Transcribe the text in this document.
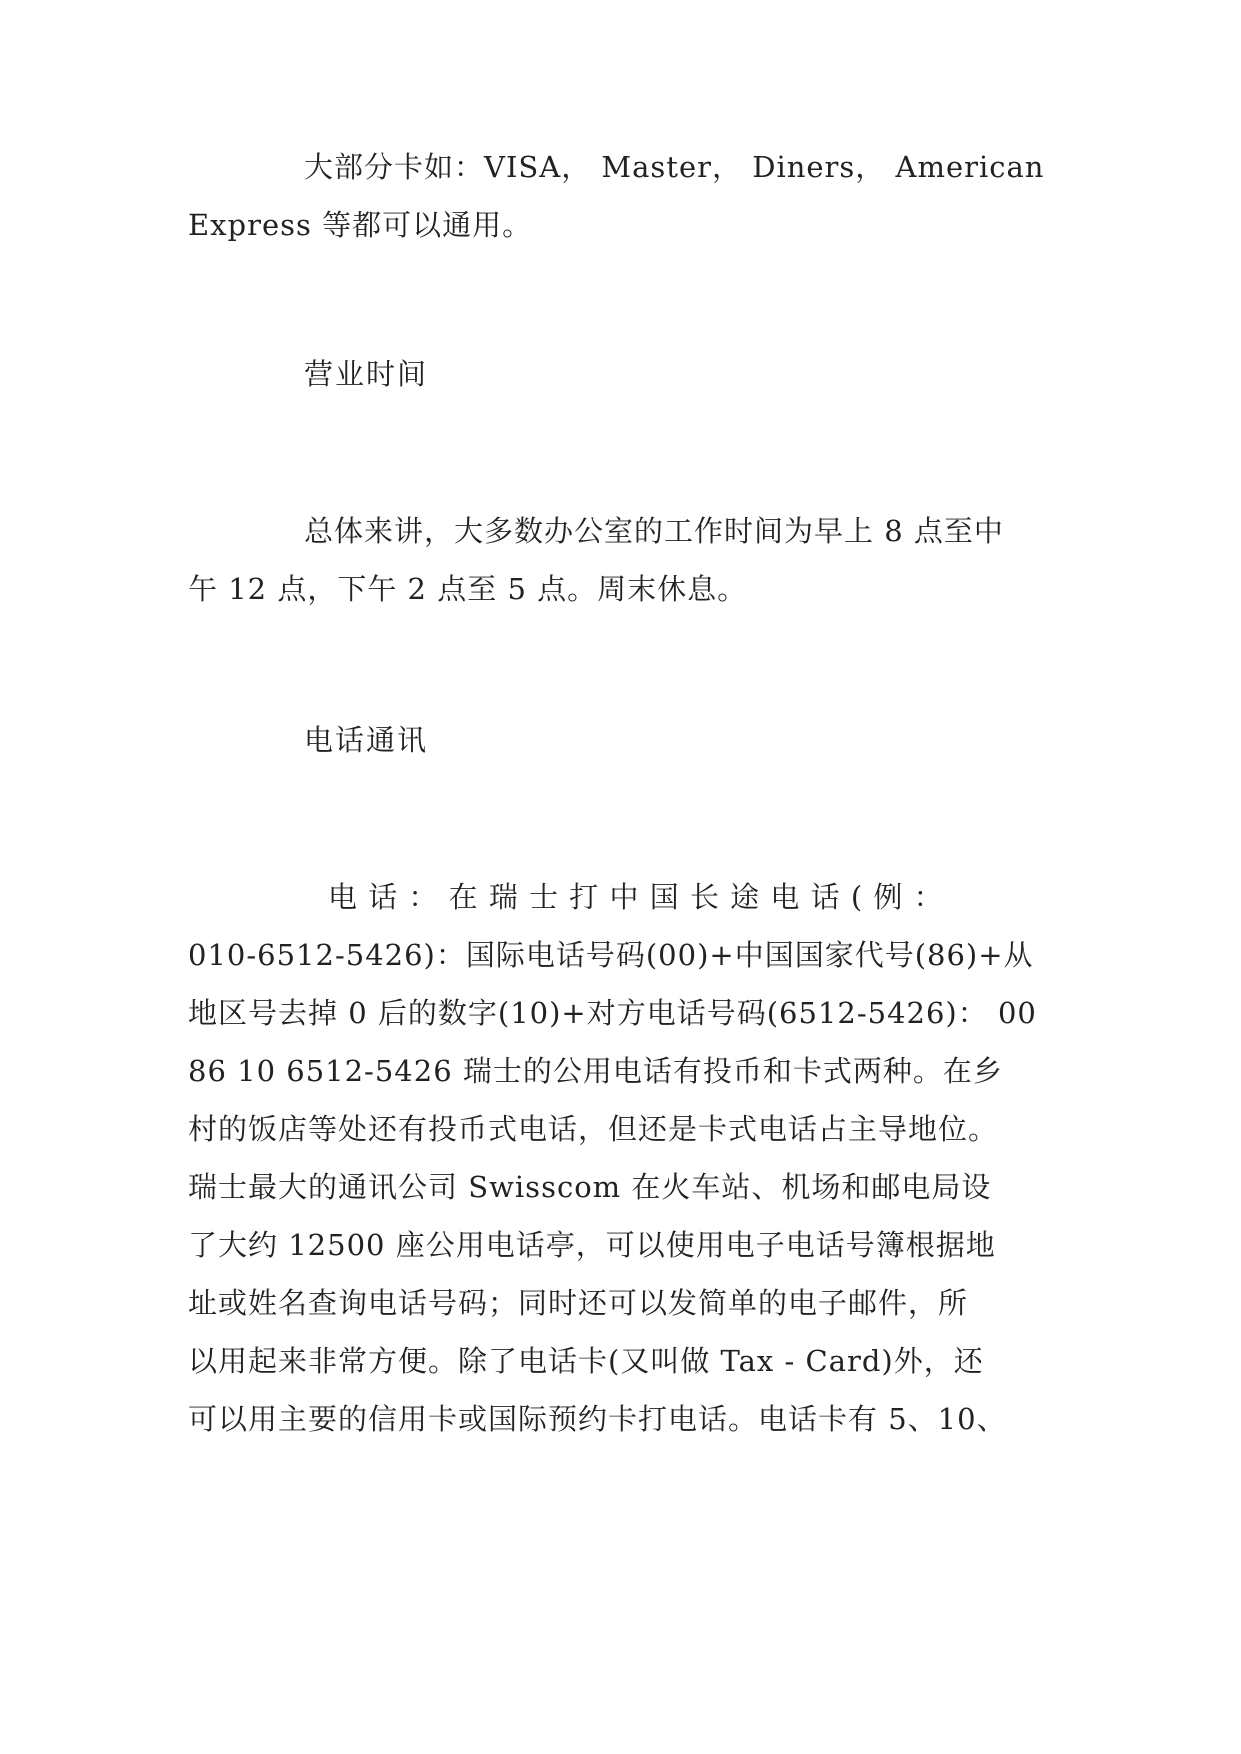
大部分卡如：VISA， Master， Diners， American
Express 等都可以通用。

营业时间

总体来讲，大多数办公室的工作时间为早上 8 点至中
午 12 点，下午 2 点至 5 点。周末休息。

电话通讯

电 话 ： 在 瑞 士 打 中 国 长 途 电 话 ( 例 ：
010-6512-5426)：国际电话号码(00)+中国国家代号(86)+从
地区号去掉 0 后的数字(10)+对方电话号码(6512-5426)： 00
86 10 6512-5426 瑞士的公用电话有投币和卡式两种。在乡
村的饭店等处还有投币式电话，但还是卡式电话占主导地位。
瑞士最大的通讯公司 Swisscom 在火车站、机场和邮电局设
了大约 12500 座公用电话亭，可以使用电子电话号簿根据地
址或姓名查询电话号码；同时还可以发简单的电子邮件，所
以用起来非常方便。除了电话卡(又叫做 Tax - Card)外，还
可以用主要的信用卡或国际预约卡打电话。电话卡有 5、10、
